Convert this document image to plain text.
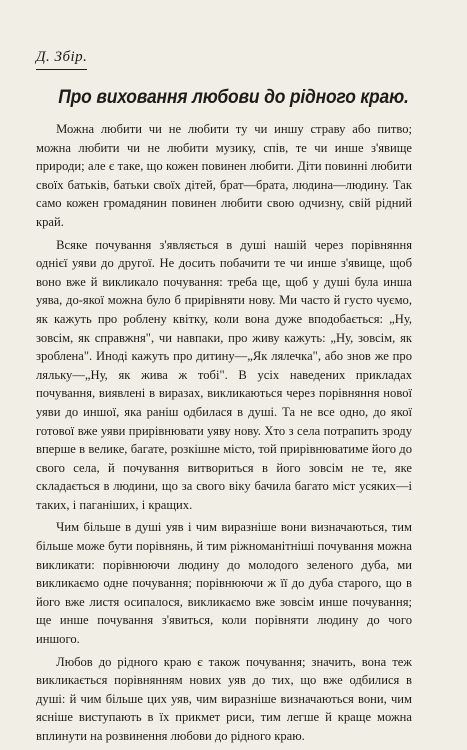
Д. Збір.
Про виховання любови до рідного краю.

Можна любити чи не любити ту чи иншу страву або питво; можна любити чи не любити музику, спів, те чи инше з'явище природи; але є таке, що кожен повинен любити. Діти повинні любити своїх батьків, батьки своїх дітей, брат—брата, людина—людину. Так само кожен громадянин повинен любити свою одчизну, свій рідний край.

Всяке почування з'являється в душі нашій через порівняння однієї уяви до другої. Не досить побачити те чи инше з'явище, щоб воно вже й викликало почування: треба ще, щоб у душі була инша уява, до-якої можна було б прирівняти нову. Ми часто й густо чуємо, як кажуть про роблену квітку, коли вона дуже вподобається: „Ну, зовсім, як справжня", чи навпаки, про живу кажуть: „Ну, зовсім, як зроблена". Иноді кажуть про дитину—„Як лялечка", або знов же про ляльку—„Ну, як жива ж тобі". В усіх наведених прикладах почування, виявлені в виразах, викликаються через порівняння нової уяви до иншої, яка раніш одбилася в душі. Та не все одно, до якої готової вже уяви прирівнювати уяву нову. Хто з села потрапить зроду вперше в велике, багате, розкішне місто, той прирівнюватиме його до свого села, й почування витвориться в його зовсім не те, яке складається в людини, що за свого віку бачила багато міст усяких—і таких, і паганіших, і кращих.

Чим більше в душі уяв і чим виразніше вони визначаються, тим більше може бути порівнянь, й тим ріжноманітніші почування можна викликати: порівнюючи людину до молодого зеленого дуба, ми викликаємо одне почування; порівнюючи ж її до дуба старого, що в його вже листя осипалося, викликаємо вже зовсім инше почування; ще инше почування з'явиться, коли порівняти людину до чого иншого.

Любов до рідного краю є також почування; значить, вона теж викликається порівнянням нових уяв до тих, що вже одбилися в душі: й чим більше цих уяв, чим виразніше визначаються вони, чим ясніше виступають в їх прикмет риси, тим легше й краще можна вплинути на розвинення любови до рідного краю.
